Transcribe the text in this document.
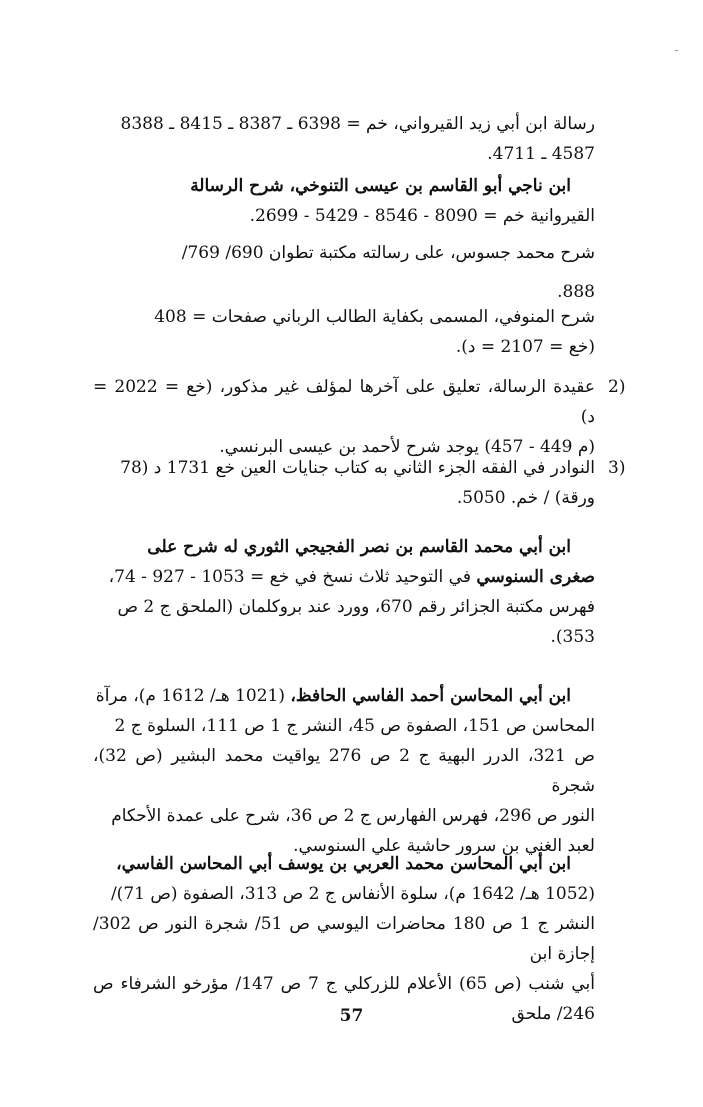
رسالة ابن أبي زيد القيرواني، خم = 6398 ـ 8387 ـ 8415 ـ 8388

4587 ـ 4711.

ابن ناجي أبو القاسم بن عيسى التنوخي، شرح الرسالة

القيروانية خم = 8090 - 8546 - 5429 - 2699.

شرح محمد جسوس، على رسالته مكتبة تطوان 690/ 769/

888.

شرح المنوفي، المسمى بكفاية الطالب الرباني صفحات = 408

(خع = 2107 = د).

2)

عقيدة الرسالة، تعليق على آخرها لمؤلف غير مذكور، (خع = 2022 = د)

(م 449 - 457) يوجد شرح لأحمد بن عيسى البرنسي.

3)

النوادر في الفقه الجزء الثاني به كتاب جنايات العين خع 1731 د (78

ورقة) / خم. 5050.

ابن أبي محمد القاسم بن نصر الفجيجي الثوري له شرح على

صغرى السنوسي في التوحيد ثلاث نسخ في خع = 1053 - 927 - 74،

فهرس مكتبة الجزائر رقم 670، وورد عند بروكلمان (الملحق ج 2 ص

353).

ابن أبي المحاسن أحمد الفاسي الحافظ، (1021 هـ/ 1612 م)، مرآة

المحاسن ص 151، الصفوة ص 45، النشر ج 1 ص 111، السلوة ج 2

ص 321، الدرر البهية ج 2 ص 276 يواقيت محمد البشير (ص 32)، شجرة

النور ص 296، فهرس الفهارس ج 2 ص 36، شرح على عمدة الأحكام

لعبد الغني بن سرور حاشية علي السنوسي.

ابن أبي المحاسن محمد العربي بن يوسف أبي المحاسن الفاسي،

(1052 هـ/ 1642 م)، سلوة الأنفاس ج 2 ص 313، الصفوة (ص 71)/

النشر ج 1 ص 180 محاضرات اليوسي ص 51/ شجرة النور ص 302/ إجازة ابن

أبي شنب (ص 65) الأعلام للزركلي ج 7 ص 147/ مؤرخو الشرفاء ص 246/ ملحق

57
